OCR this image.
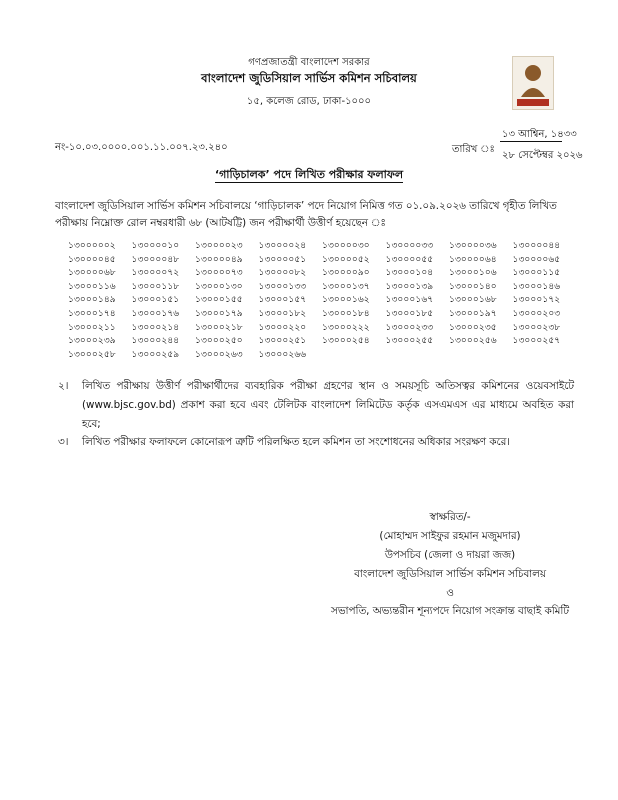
গণপ্রজাতন্ত্রী বাংলাদেশ সরকার
বাংলাদেশ জুডিসিয়াল সার্ভিস কমিশন সচিবালয়
১৫, কলেজ রোড, ঢাকা-১০০০
নং-১০.০৩.০০০০.০০১.১১.০০৭.২৩.২৪০
১৩ আশ্বিন, ১৪৩৩
তারিখ ঃ
২৮ সেপ্টেম্বর ২০২৬
‘গাড়িচালক’ পদে লিখিত পরীক্ষার ফলাফল
বাংলাদেশ জুডিসিয়াল সার্ভিস কমিশন সচিবালয়ে ‘গাড়িচালক’ পদে নিয়োগ নিমিত্ত গত ০১.০৯.২০২৬ তারিখে গৃহীত লিখিত পরীক্ষায় নিম্নোক্ত রোল নম্বরধারী ৬৮ (আটষট্টি) জন পরীক্ষার্থী উত্তীর্ণ হয়েছেন ঃ
১৩০০০০০২	১৩০০০০১০	১৩০০০০২৩	১৩০০০০২৪	১৩০০০০৩০	১৩০০০০৩৩	১৩০০০০৩৬	১৩০০০০৪৪
১৩০০০০৪৫	১৩০০০০৪৮	১৩০০০০৪৯	১৩০০০০৫১	১৩০০০০৫২	১৩০০০০৫৫	১৩০০০০৬৪	১৩০০০০৬৫
১৩০০০০৬৮	১৩০০০০৭২	১৩০০০০৭৩	১৩০০০০৮২	১৩০০০০৯০	১৩০০০১০৪	১৩০০০১০৬	১৩০০০১১৫
১৩০০০১১৬	১৩০০০১১৮	১৩০০০১৩০	১৩০০০১৩৩	১৩০০০১৩৭	১৩০০০১৩৯	১৩০০০১৪০	১৩০০০১৪৬
১৩০০০১৪৯	১৩০০০১৫১	১৩০০০১৫৫	১৩০০০১৫৭	১৩০০০১৬২	১৩০০০১৬৭	১৩০০০১৬৮	১৩০০০১৭২
১৩০০০১৭৪	১৩০০০১৭৬	১৩০০০১৭৯	১৩০০০১৮২	১৩০০০১৮৪	১৩০০০১৮৫	১৩০০০১৯৭	১৩০০০২০৩
১৩০০০২১১	১৩০০০২১৪	১৩০০০২১৮	১৩০০০২২০	১৩০০০২২২	১৩০০০২৩৩	১৩০০০২৩৫	১৩০০০২৩৮
১৩০০০২৩৯	১৩০০০২৪৪	১৩০০০২৫০	১৩০০০২৫১	১৩০০০২৫৪	১৩০০০২৫৫	১৩০০০২৫৬	১৩০০০২৫৭
১৩০০০২৫৮	১৩০০০২৫৯	১৩০০০২৬৩	১৩০০০২৬৬
২। লিখিত পরীক্ষায় উত্তীর্ণ পরীক্ষার্থীদের ব্যবহারিক পরীক্ষা গ্রহণের স্থান ও সময়সূচি অতিসত্বর কমিশনের ওয়েবসাইটে (www.bjsc.gov.bd) প্রকাশ করা হবে এবং টেলিটক বাংলাদেশ লিমিটেড কর্তৃক এসএমএস এর মাধ্যমে অবহিত করা হবে;
৩। লিখিত পরীক্ষার ফলাফলে কোনোরূপ ত্রুটি পরিলক্ষিত হলে কমিশন তা সংশোধনের অধিকার সংরক্ষণ করে।
স্বাক্ষরিত/-
(মোহাম্মদ সাইফুর রহমান মজুমদার)
উপসচিব (জেলা ও দায়রা জজ)
বাংলাদেশ জুডিসিয়াল সার্ভিস কমিশন সচিবালয়
ও
সভাপতি, অভ্যন্তরীন শূন্যপদে নিয়োগ সংক্রান্ত বাছাই কমিটি
